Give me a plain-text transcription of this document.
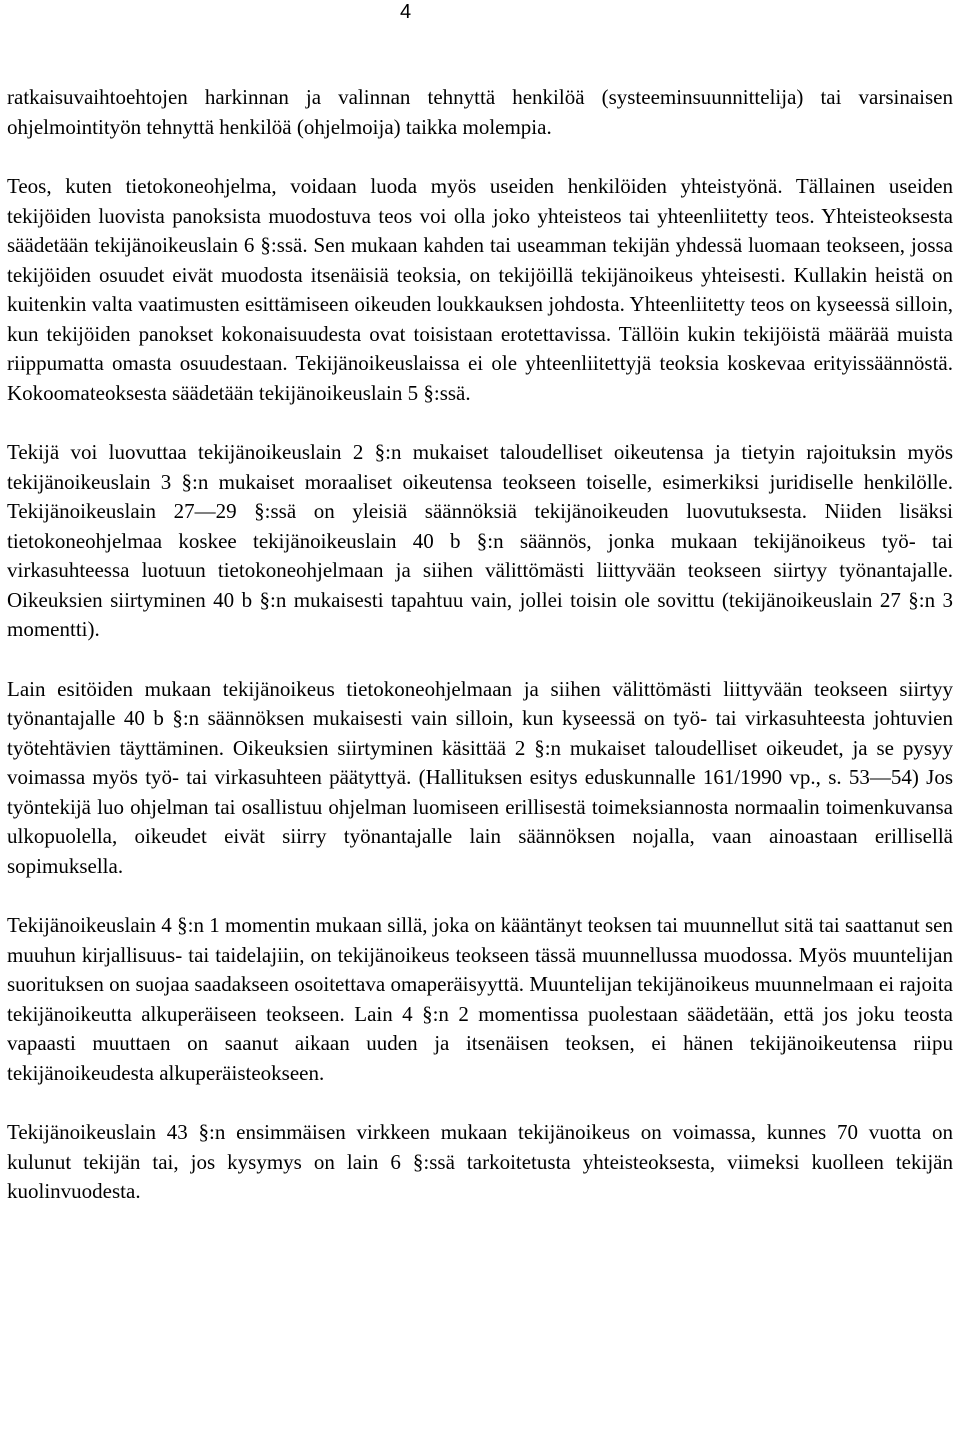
4

ratkaisuvaihtoehtojen harkinnan ja valinnan tehnyttä henkilöä (systeeminsuunnittelija) tai varsinaisen ohjelmointityön tehnyttä henkilöä (ohjelmoija) taikka molempia.

Teos, kuten tietokoneohjelma, voidaan luoda myös useiden henkilöiden yhteistyönä. Tällainen useiden tekijöiden luovista panoksista muodostuva teos voi olla joko yhteisteos tai yhteenliitetty teos. Yhteisteoksesta säädetään tekijänoikeuslain 6 §:ssä. Sen mukaan kahden tai useamman tekijän yhdessä luomaan teokseen, jossa tekijöiden osuudet eivät muodosta itsenäisiä teoksia, on tekijöillä tekijänoikeus yhteisesti. Kullakin heistä on kuitenkin valta vaatimusten esittämiseen oikeuden loukkauksen johdosta. Yhteenliitetty teos on kyseessä silloin, kun tekijöiden panokset kokonaisuudesta ovat toisistaan erotettavissa. Tällöin kukin tekijöistä määrää muista riippumatta omasta osuudestaan. Tekijänoikeuslaissa ei ole yhteenliitettyjä teoksia koskevaa erityissäännöstä. Kokoomateoksesta säädetään tekijänoikeuslain 5 §:ssä.

Tekijä voi luovuttaa tekijänoikeuslain 2 §:n mukaiset taloudelliset oikeutensa ja tietyin rajoituksin myös tekijänoikeuslain 3 §:n mukaiset moraaliset oikeutensa teokseen toiselle, esimerkiksi juridiselle henkilölle. Tekijänoikeuslain 27—29 §:ssä on yleisiä säännöksiä tekijänoikeuden luovutuksesta. Niiden lisäksi tietokoneohjelmaa koskee tekijänoikeuslain 40 b §:n säännös, jonka mukaan tekijänoikeus työ- tai virkasuhteessa luotuun tietokoneohjelmaan ja siihen välittömästi liittyvään teokseen siirtyy työnantajalle. Oikeuksien siirtyminen 40 b §:n mukaisesti tapahtuu vain, jollei toisin ole sovittu (tekijänoikeuslain 27 §:n 3 momentti).

Lain esitöiden mukaan tekijänoikeus tietokoneohjelmaan ja siihen välittömästi liittyvään teokseen siirtyy työnantajalle 40 b §:n säännöksen mukaisesti vain silloin, kun kyseessä on työ- tai virkasuhteesta johtuvien työtehtävien täyttäminen. Oikeuksien siirtyminen käsittää 2 §:n mukaiset taloudelliset oikeudet, ja se pysyy voimassa myös työ- tai virkasuhteen päätyttyä. (Hallituksen esitys eduskunnalle 161/1990 vp., s. 53—54) Jos työntekijä luo ohjelman tai osallistuu ohjelman luomiseen erillisestä toimeksiannosta normaalin toimenkuvansa ulkopuolella, oikeudet eivät siirry työnantajalle lain säännöksen nojalla, vaan ainoastaan erillisellä sopimuksella.

Tekijänoikeuslain 4 §:n 1 momentin mukaan sillä, joka on kääntänyt teoksen tai muunnellut sitä tai saattanut sen muuhun kirjallisuus- tai taidelajiin, on tekijänoikeus teokseen tässä muunnellussa muodossa. Myös muuntelijan suorituksen on suojaa saadakseen osoitettava omaperäisyyttä. Muuntelijan tekijänoikeus muunnelmaan ei rajoita tekijänoikeutta alkuperäiseen teokseen. Lain 4 §:n 2 momentissa puolestaan säädetään, että jos joku teosta vapaasti muuttaen on saanut aikaan uuden ja itsenäisen teoksen, ei hänen tekijänoikeutensa riipu tekijänoikeudesta alkuperäisteokseen.

Tekijänoikeuslain 43 §:n ensimmäisen virkkeen mukaan tekijänoikeus on voimassa, kunnes 70 vuotta on kulunut tekijän tai, jos kysymys on lain 6 §:ssä tarkoitetusta yhteisteoksesta, viimeksi kuolleen tekijän kuolinvuodesta.
